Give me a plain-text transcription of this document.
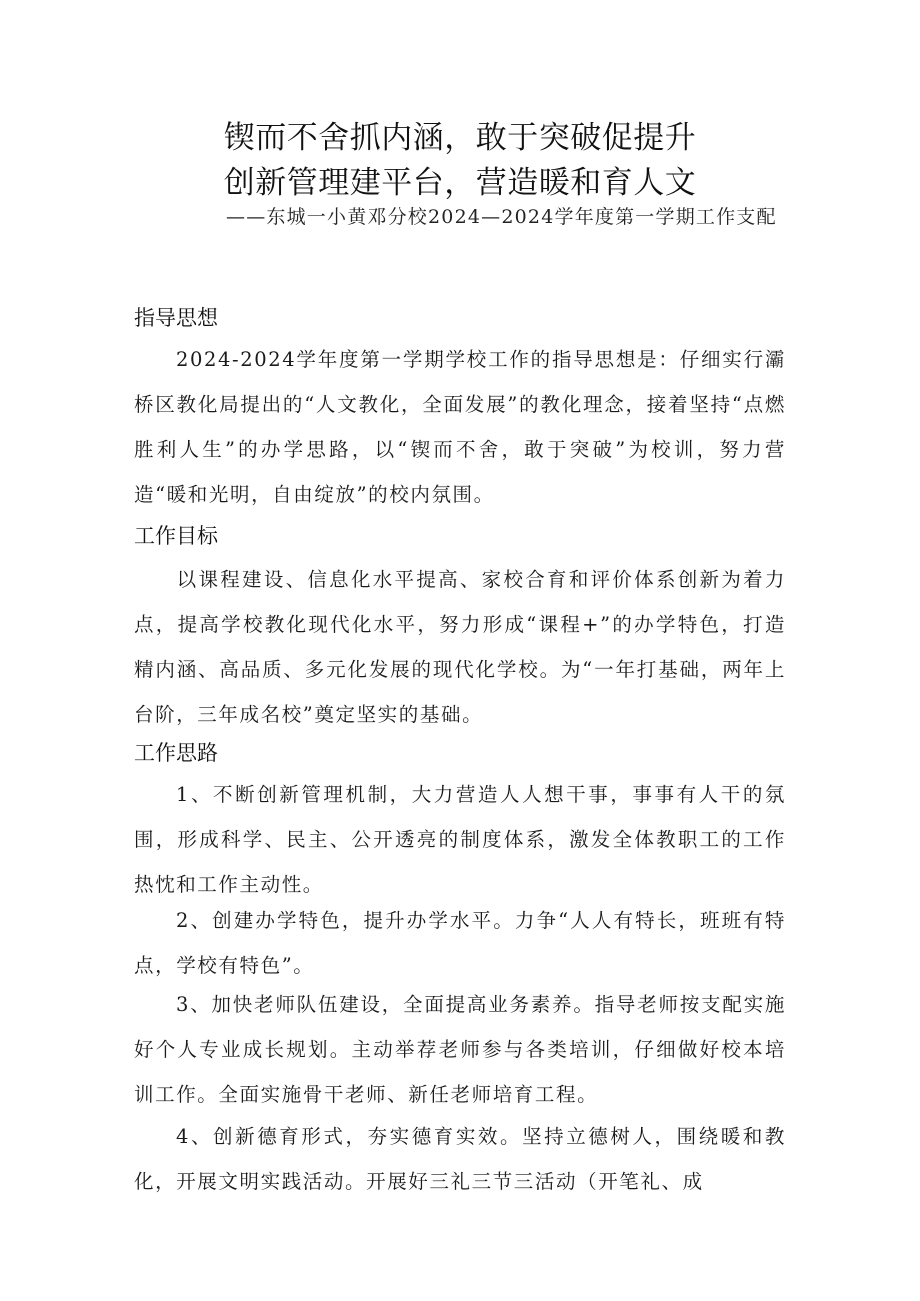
锲而不舍抓内涵，敢于突破促提升
创新管理建平台，营造暖和育人文
——东城一小黄邓分校2024—2024学年度第一学期工作支配
指导思想

2024-2024学年度第一学期学校工作的指导思想是：仔细实行灞桥区教化局提出的“人文教化，全面发展”的教化理念，接着坚持“点燃胜利人生”的办学思路，以“锲而不舍，敢于突破”为校训，努力营造“暖和光明，自由绽放”的校内氛围。

工作目标

以课程建设、信息化水平提高、家校合育和评价体系创新为着力点，提高学校教化现代化水平，努力形成“课程+”的办学特色，打造精内涵、高品质、多元化发展的现代化学校。为“一年打基础，两年上台阶，三年成名校”奠定坚实的基础。

工作思路

1、不断创新管理机制，大力营造人人想干事，事事有人干的氛围，形成科学、民主、公开透亮的制度体系，激发全体教职工的工作热忱和工作主动性。

2、创建办学特色，提升办学水平。力争“人人有特长，班班有特点，学校有特色”。

3、加快老师队伍建设，全面提高业务素养。指导老师按支配实施好个人专业成长规划。主动举荐老师参与各类培训，仔细做好校本培训工作。全面实施骨干老师、新任老师培育工程。

4、创新德育形式，夯实德育实效。坚持立德树人，围绕暖和教化，开展文明实践活动。开展好三礼三节三活动（开笔礼、成
